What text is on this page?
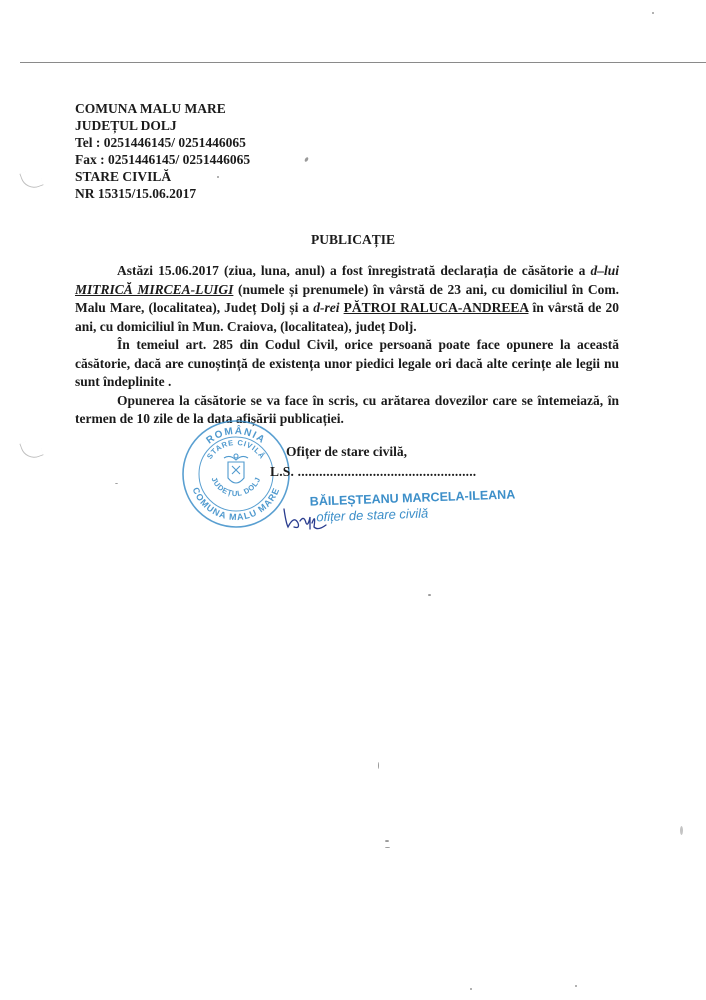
COMUNA MALU MARE
JUDEȚUL DOLJ
Tel : 0251446145/ 0251446065
Fax : 0251446145/ 0251446065
STARE CIVILĂ
NR 15315/15.06.2017
PUBLICAȚIE

Astăzi 15.06.2017 (ziua, luna, anul) a fost înregistrată declarația de căsătorie a d–lui MITRICĂ MIRCEA-LUIGI (numele și prenumele) în vârstă de 23 ani, cu domiciliul în Com. Malu Mare, (localitatea), Județ Dolj și a d-rei PĂTROI RALUCA-ANDREEA în vârstă de 20 ani, cu domiciliul în Mun. Craiova, (localitatea), județ Dolj.

În temeiul art. 285 din Codul Civil, orice persoană poate face opunere la această căsătorie, dacă are cunoștință de existența unor piedici legale ori dacă alte cerințe ale legii nu sunt îndeplinite .

Opunerea la căsătorie se va face în scris, cu arătarea dovezilor care se întemeiază, în termen de 10 zile de la data afișării publicației.

ROMÂNIA
STARE CIVILĂ
JUDEȚUL DOLJ
COMUNA MALU MARE
Ofițer de stare civilă,
L.S. ..................................................
BĂILEȘTEANU MARCELA-ILEANA
ofițer de stare civilă
